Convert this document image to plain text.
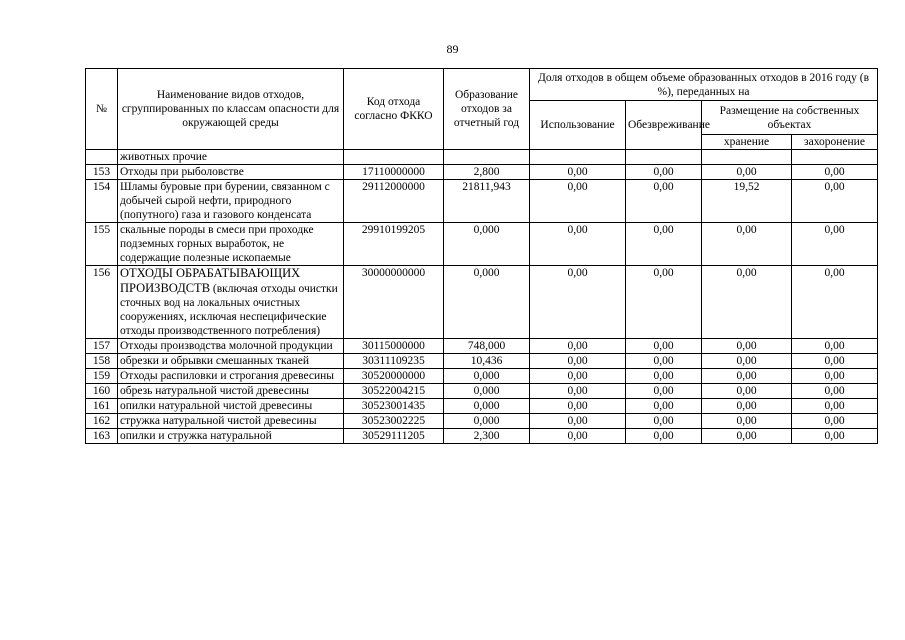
89
№	Наименование видов отходов, сгруппированных по классам опасности для окружающей среды	Код отхода согласно ФККО	Образование отходов за отчетный год	Доля отходов в общем объеме образованных отходов в 2016 году (в %), переданных на			
				Использование	Обезвреживание	Размещение на собственных объектах	
						хранение	захоронение
	животных прочие						
153	Отходы при рыболовстве	17110000000	2,800	0,00	0,00	0,00	0,00
154	Шламы буровые при бурении, связанном с добычей сырой нефти, природного (попутного) газа и газового конденсата	29112000000	21811,943	0,00	0,00	19,52	0,00
155	скальные породы в смеси при проходке подземных горных выработок, не содержащие полезные ископаемые	29910199205	0,000	0,00	0,00	0,00	0,00
156	ОТХОДЫ ОБРАБАТЫВАЮЩИХ ПРОИЗВОДСТВ (включая отходы очистки сточных вод на локальных очистных сооружениях, исключая неспецифические отходы производственного потребления)	30000000000	0,000	0,00	0,00	0,00	0,00
157	Отходы производства молочной продукции	30115000000	748,000	0,00	0,00	0,00	0,00
158	обрезки и обрывки смешанных тканей	30311109235	10,436	0,00	0,00	0,00	0,00
159	Отходы распиловки и строгания древесины	30520000000	0,000	0,00	0,00	0,00	0,00
160	обрезь натуральной чистой древесины	30522004215	0,000	0,00	0,00	0,00	0,00
161	опилки натуральной чистой древесины	30523001435	0,000	0,00	0,00	0,00	0,00
162	стружка натуральной чистой древесины	30523002225	0,000	0,00	0,00	0,00	0,00
163	опилки и стружка натуральной	30529111205	2,300	0,00	0,00	0,00	0,00
